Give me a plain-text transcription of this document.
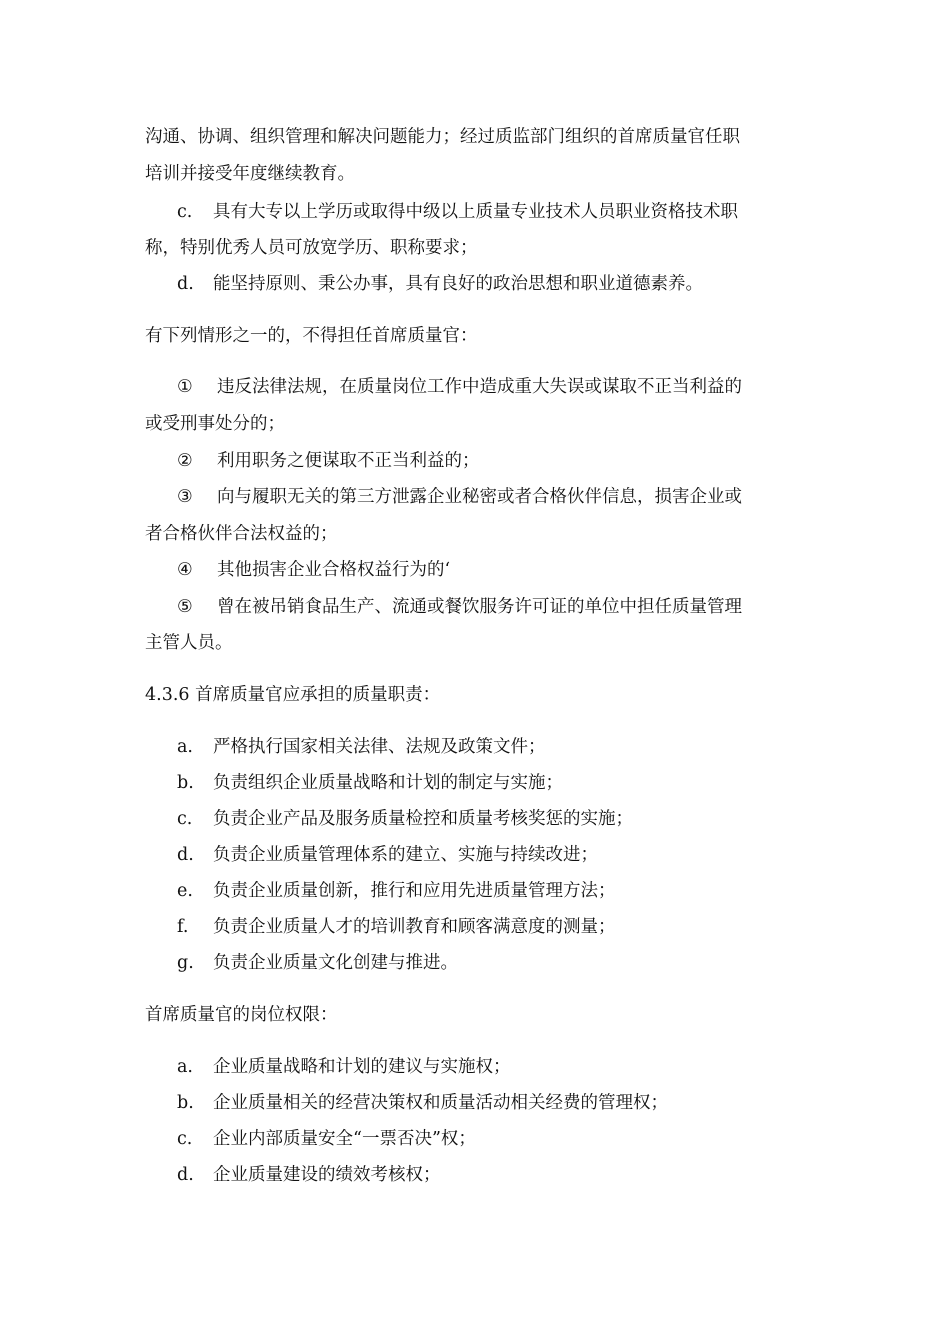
沟通、协调、组织管理和解决问题能力；经过质监部门组织的首席质量官任职
培训并接受年度继续教育。
c. 具有大专以上学历或取得中级以上质量专业技术人员职业资格技术职
称，特别优秀人员可放宽学历、职称要求；
d. 能坚持原则、秉公办事，具有良好的政治思想和职业道德素养。
有下列情形之一的，不得担任首席质量官：
① 违反法律法规，在质量岗位工作中造成重大失误或谋取不正当利益的
或受刑事处分的；
② 利用职务之便谋取不正当利益的；
③ 向与履职无关的第三方泄露企业秘密或者合格伙伴信息，损害企业或
者合格伙伴合法权益的；
④ 其他损害企业合格权益行为的‘
⑤ 曾在被吊销食品生产、流通或餐饮服务许可证的单位中担任质量管理
主管人员。
4.3.6 首席质量官应承担的质量职责：
a. 严格执行国家相关法律、法规及政策文件；
b. 负责组织企业质量战略和计划的制定与实施；
c. 负责企业产品及服务质量检控和质量考核奖惩的实施；
d. 负责企业质量管理体系的建立、实施与持续改进；
e. 负责企业质量创新，推行和应用先进质量管理方法；
f. 负责企业质量人才的培训教育和顾客满意度的测量；
g. 负责企业质量文化创建与推进。
首席质量官的岗位权限：
a. 企业质量战略和计划的建议与实施权；
b. 企业质量相关的经营决策权和质量活动相关经费的管理权；
c. 企业内部质量安全“一票否决”权；
d. 企业质量建设的绩效考核权；
